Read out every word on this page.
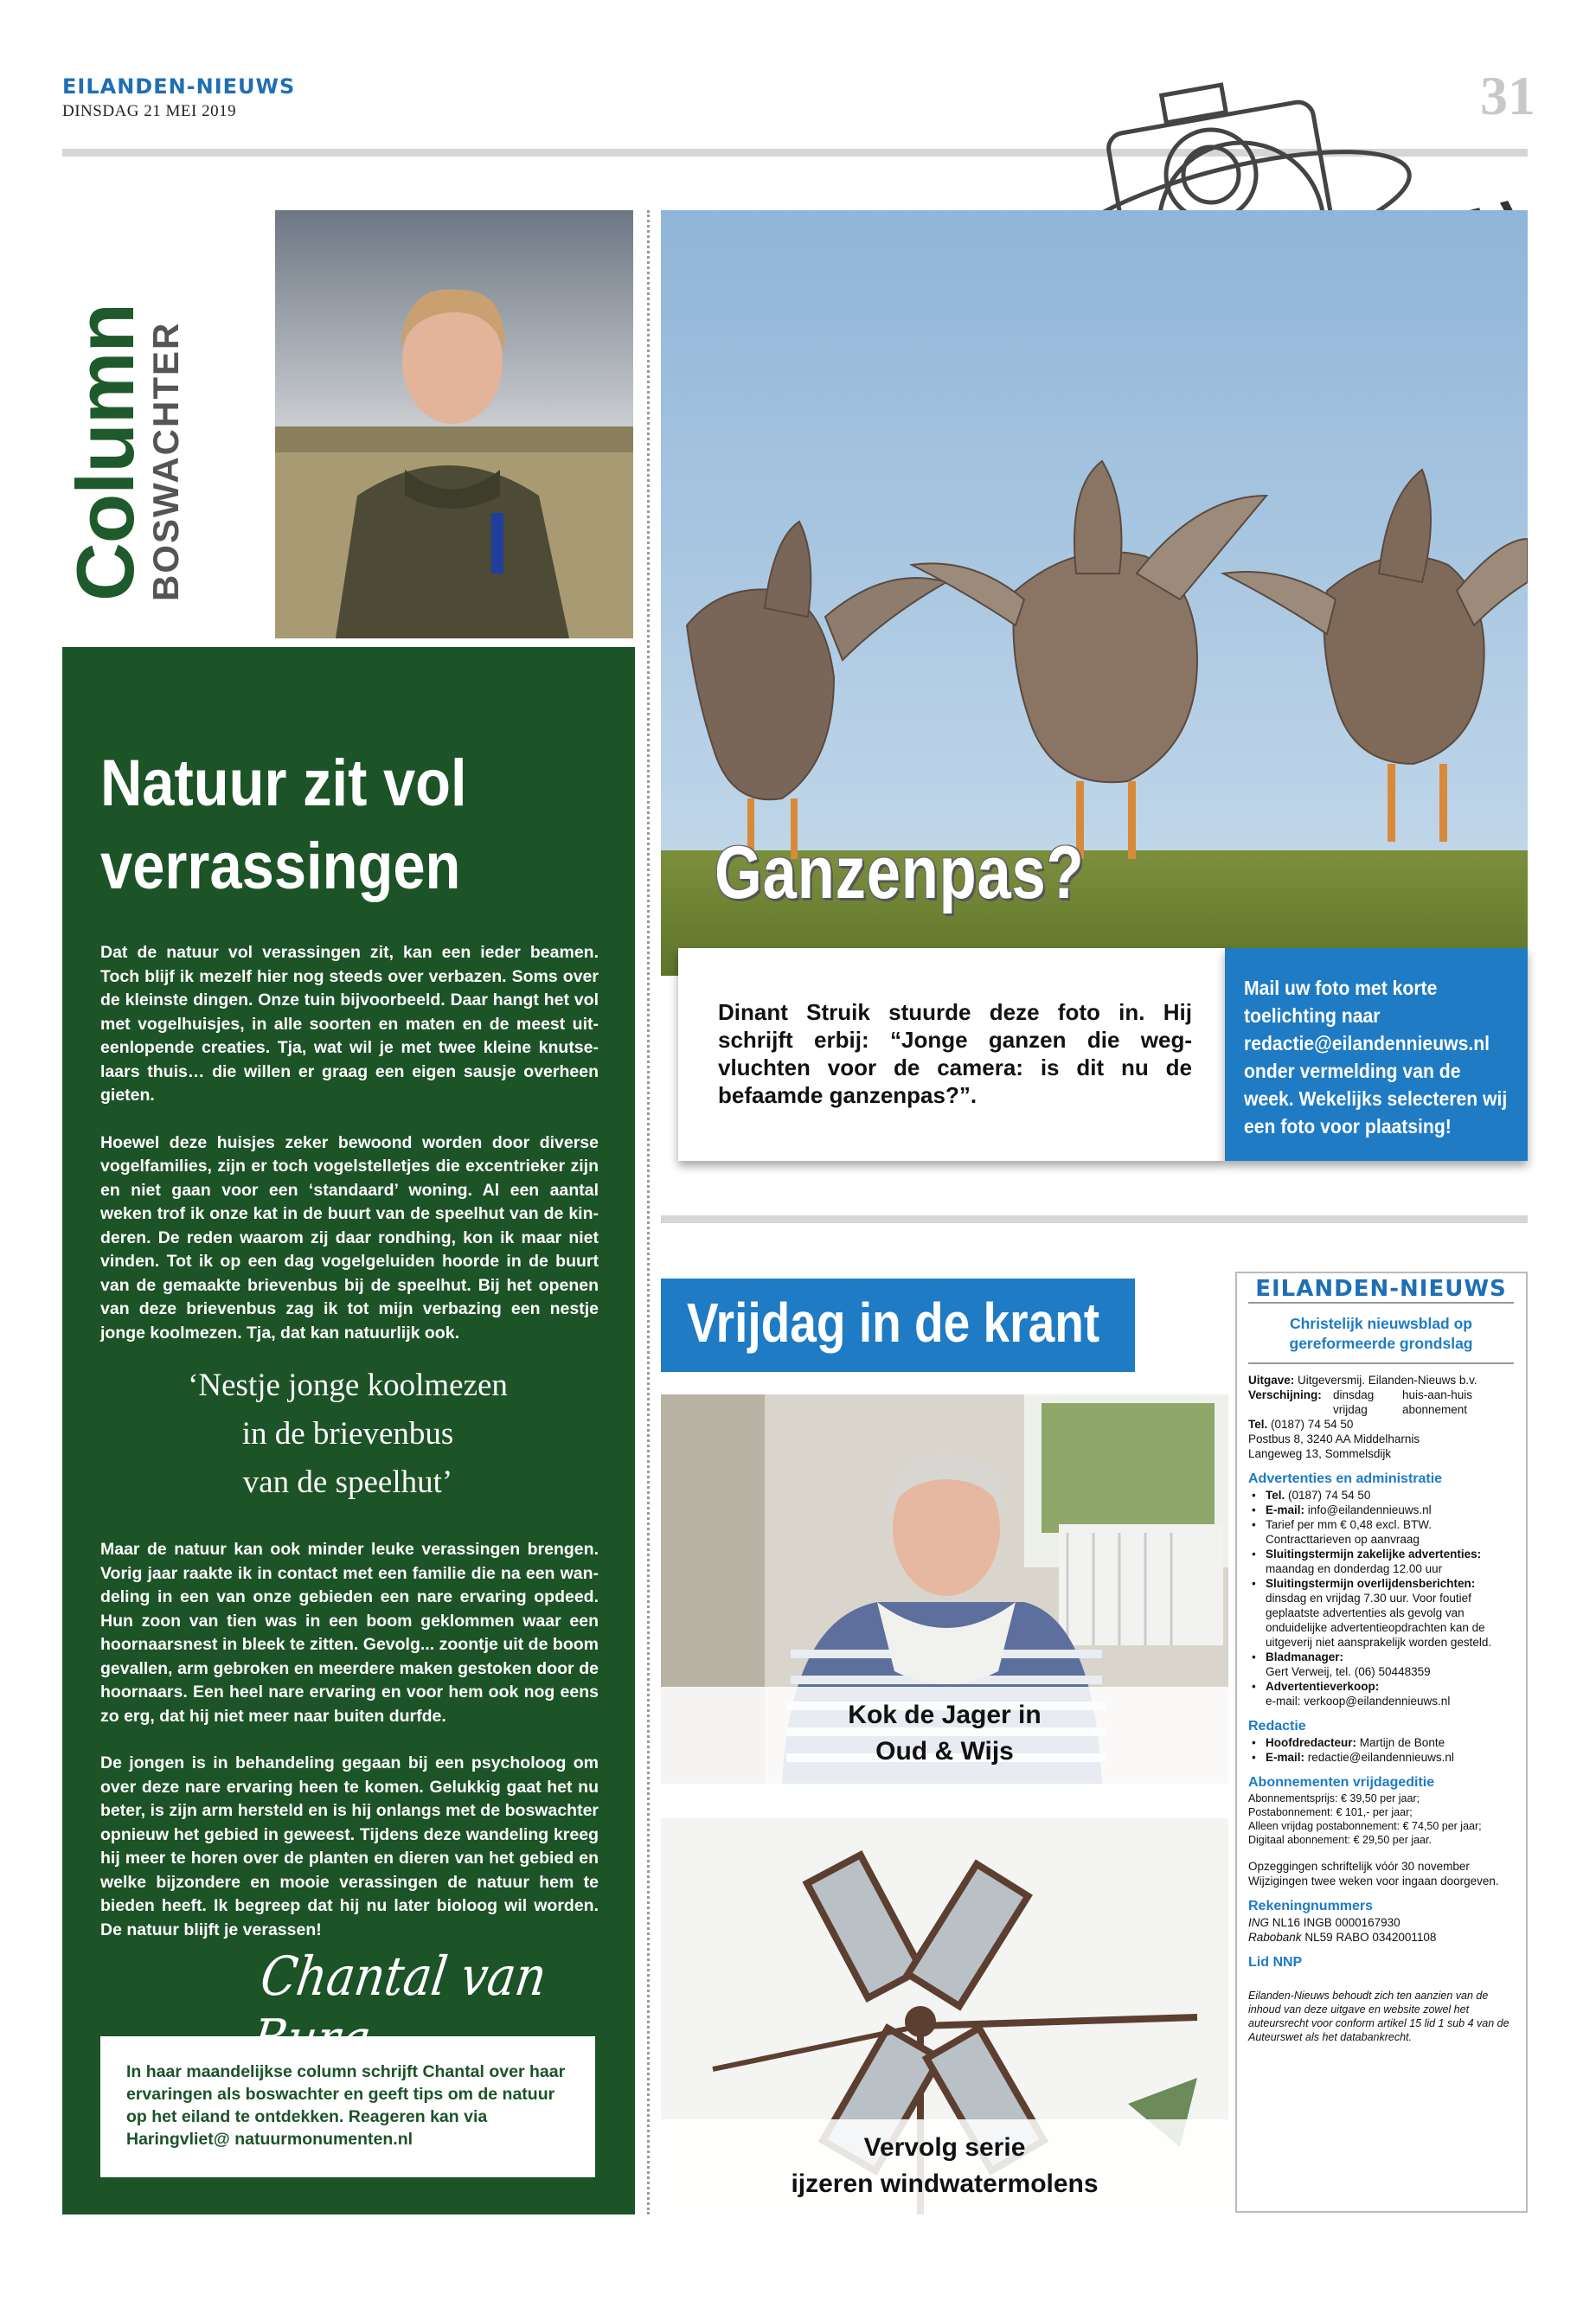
EILANDEN-NIEUWS
DINSDAG 21 MEI 2019	31
Column
BOSWACHTER
Natuur zit vol
verrassingen

Dat de natuur vol verassingen zit, kan een ieder beamen. Toch blijf ik mezelf hier nog steeds over verbazen. Soms over de kleinste dingen. Onze tuin bijvoorbeeld. Daar hangt het vol met vogelhuisjes, in alle soorten en maten en de meest uit-eenlopende creaties. Tja, wat wil je met twee kleine knutse-laars thuis… die willen er graag een eigen sausje overheen gieten.

Hoewel deze huisjes zeker bewoond worden door diverse vogelfamilies, zijn er toch vogelstelletjes die excentrieker zijn en niet gaan voor een ‘standaard’ woning. Al een aantal weken trof ik onze kat in de buurt van de speelhut van de kin-deren. De reden waarom zij daar rondhing, kon ik maar niet vinden. Tot ik op een dag vogelgeluiden hoorde in de buurt van de gemaakte brievenbus bij de speelhut. Bij het openen van deze brievenbus zag ik tot mijn verbazing een nestje jonge koolmezen. Tja, dat kan natuurlijk ook.

‘Nestje jonge koolmezen
in de brievenbus
van de speelhut’

Maar de natuur kan ook minder leuke verassingen brengen. Vorig jaar raakte ik in contact met een familie die na een wan-deling in een van onze gebieden een nare ervaring opdeed. Hun zoon van tien was in een boom geklommen waar een hoornaarsnest in bleek te zitten. Gevolg... zoontje uit de boom gevallen, arm gebroken en meerdere maken gestoken door de hoornaars. Een heel nare ervaring en voor hem ook nog eens zo erg, dat hij niet meer naar buiten durfde.

De jongen is in behandeling gegaan bij een psycholoog om over deze nare ervaring heen te komen. Gelukkig gaat het nu beter, is zijn arm hersteld en is hij onlangs met de boswachter opnieuw het gebied in geweest. Tijdens deze wandeling kreeg hij meer te horen over de planten en dieren van het gebied en welke bijzondere en mooie verassingen de natuur hem te bieden heeft. Ik begreep dat hij nu later bioloog wil worden. De natuur blijft je verassen!

Chantal van
In haar maandelijkse column schrijft Chantal over haar ervaringen als boswachter en geeft tips om de natuur op het eiland te ontdekken. Reageren kan via Haringvliet@ natuurmonumenten.nl
Ganzenpas?
Dinant Struik stuurde deze foto in. Hij schrijft erbij: “Jonge ganzen die weg-vluchten voor de camera: is dit nu de befaamde ganzenpas?”.
Mail uw foto met korte toelichting naar redactie@eilandennieuws.nl onder vermelding van de week. Wekelijks selecteren wij een foto voor plaatsing!
Vrijdag in de krant
Kok de Jager in
Oud & Wijs
Vervolg serie
ijzeren windwatermolens
EILANDEN-NIEUWS
Christelijk nieuwsblad op gereformeerde grondslag
Uitgave: Uitgeversmij. Eilanden-Nieuws b.v.
Verschijning: dinsdag	huis-aan-huis
vrijdag	abonnement
Tel. (0187) 74 54 50
Postbus 8, 3240 AA Middelharnis
Langeweg 13, Sommelsdijk
Advertenties en administratie
• Tel. (0187) 74 54 50
• E-mail: info@eilandennieuws.nl
• Tarief per mm € 0,48 excl. BTW.
Contracttarieven op aanvraag
• Sluitingstermijn zakelijke advertenties:
maandag en donderdag 12.00 uur
• Sluitingstermijn overlijdensberichten:
dinsdag en vrijdag 7.30 uur. Voor foutief geplaatste advertenties als gevolg van onduidelijke advertentieopdrachten kan de uitgeverij niet aansprakelijk worden gesteld.
• Bladmanager:
Gert Verweij, tel. (06) 50448359
• Advertentieverkoop:
e-mail: verkoop@eilandennieuws.nl
Redactie
• Hoofdredacteur: Martijn de Bonte
• E-mail: redactie@eilandennieuws.nl
Abonnementen vrijdageditie
Abonnementsprijs: € 39,50 per jaar;
Postabonnement: € 101,- per jaar;
Alleen vrijdag postabonnement: € 74,50 per jaar;
Digitaal abonnement: € 29,50 per jaar.
Opzeggingen schriftelijk vóór 30 november Wijzigingen twee weken voor ingaan doorgeven.
Rekeningnummers
ING NL16 INGB 0000167930
Rabobank NL59 RABO 0342001108
Lid NNP
Eilanden-Nieuws behoudt zich ten aanzien van de inhoud van deze uitgave en website zowel het auteursrecht voor conform artikel 15 lid 1 sub 4 van de Auteurswet als het databankrecht.
